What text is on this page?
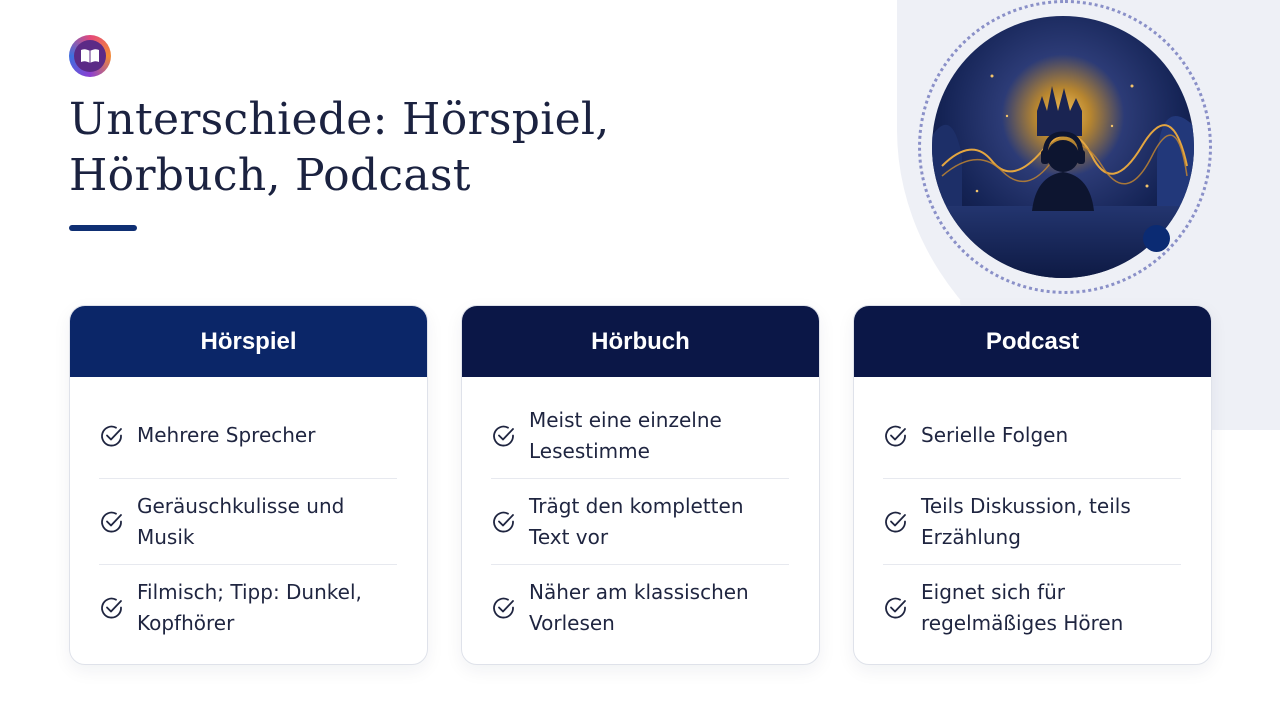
Unterschiede: Hörspiel, Hörbuch, Podcast
Hörspiel
Mehrere Sprecher
Geräuschkulisse und Musik
Filmisch; Tipp: Dunkel, Kopfhörer
Hörbuch
Meist eine einzelne Lesestimme
Trägt den kompletten Text vor
Näher am klassischen Vorlesen
Podcast
Serielle Folgen
Teils Diskussion, teils Erzählung
Eignet sich für regelmäßiges Hören
